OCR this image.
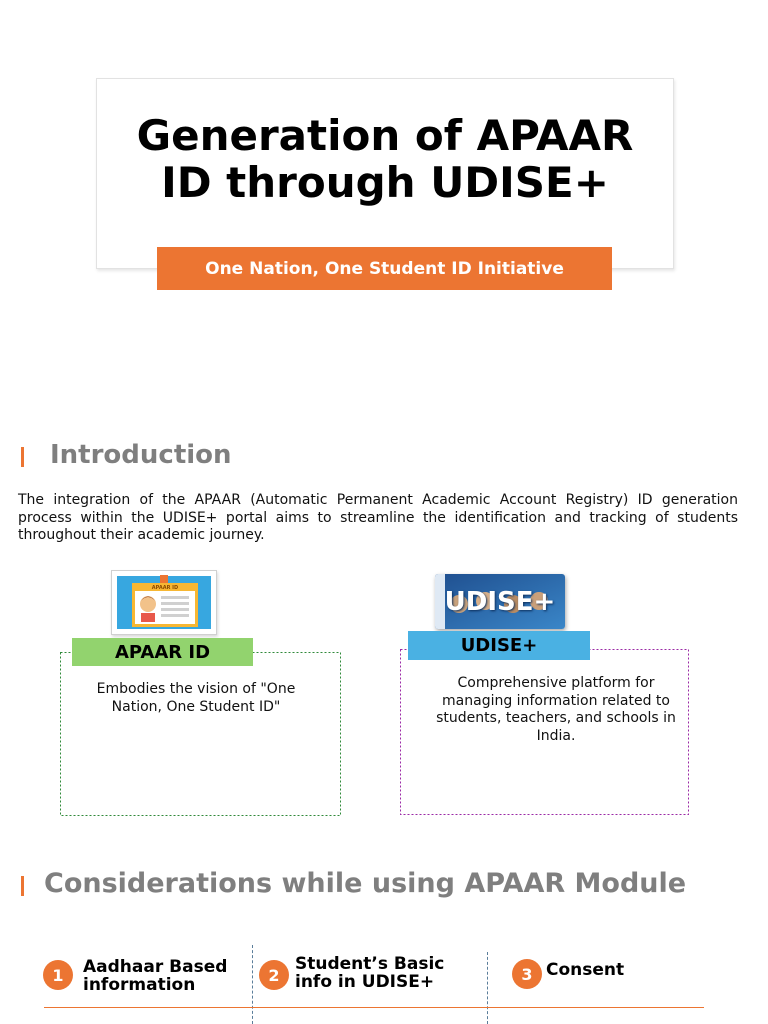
Generation of APAAR ID through UDISE+
One Nation, One Student ID Initiative
Introduction

The integration of the APAAR (Automatic Permanent Academic Account Registry) ID generation process within the UDISE+ portal aims to streamline the identification and tracking of students throughout their academic journey.

APAAR ID
APAAR ID

Embodies the vision of "One Nation, One Student ID"

UDISE+
UDISE+

Comprehensive platform for managing information related to students, teachers, and schools in India.

Considerations while using APAAR Module
1	Aadhaar Based information	2
Student’s Basic info in UDISE+	3 Consent
